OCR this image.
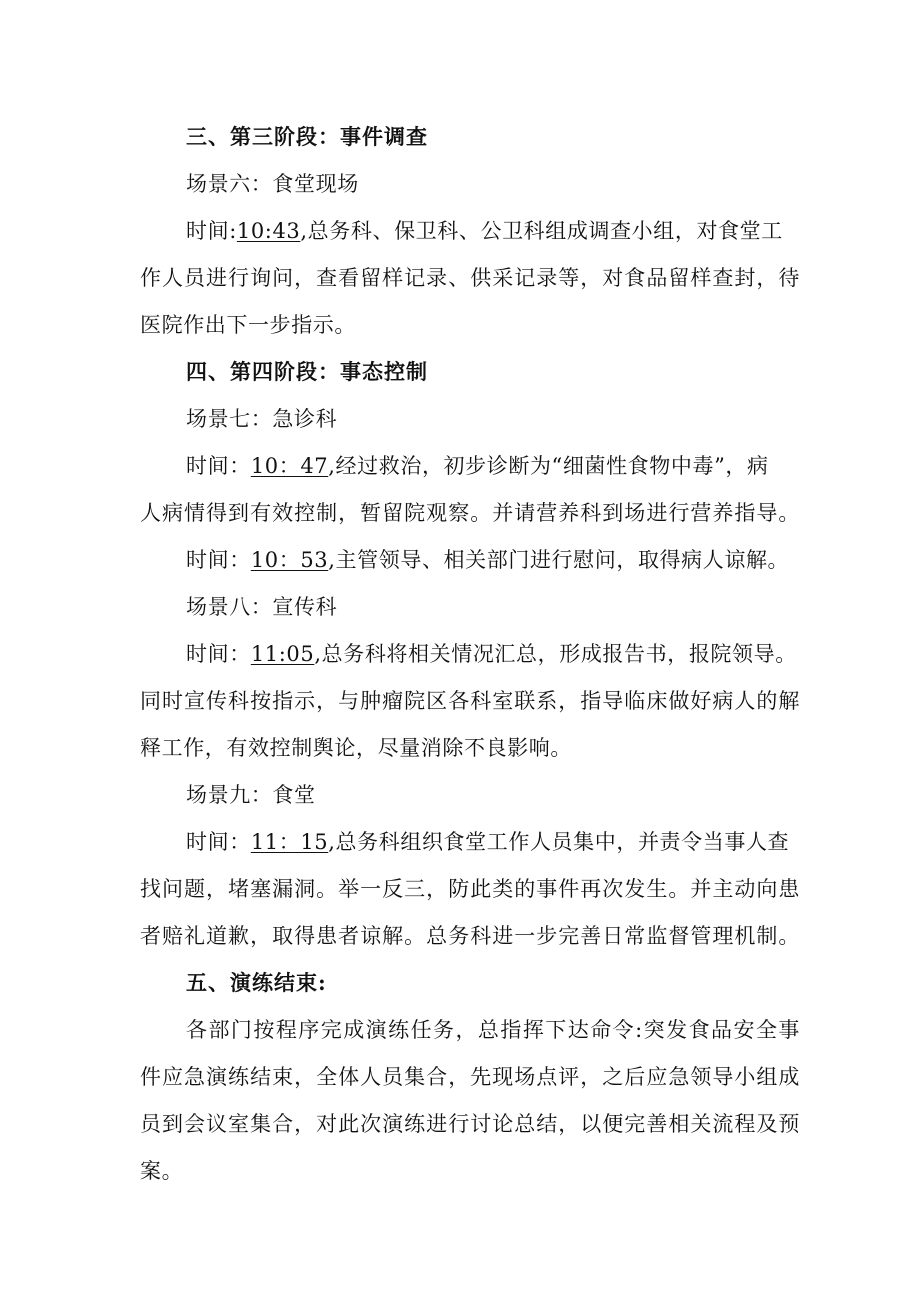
三、第三阶段：事件调查
场景六：食堂现场
时间:10:43,总务科、保卫科、公卫科组成调查小组，对食堂工
作人员进行询问，查看留样记录、供采记录等，对食品留样查封，待
医院作出下一步指示。
四、第四阶段：事态控制
场景七：急诊科
时间：10：47,经过救治，初步诊断为“细菌性食物中毒”，病
人病情得到有效控制，暂留院观察。并请营养科到场进行营养指导。
时间：10：53,主管领导、相关部门进行慰问，取得病人谅解。
场景八：宣传科
时间：11:05,总务科将相关情况汇总，形成报告书，报院领导。
同时宣传科按指示，与肿瘤院区各科室联系，指导临床做好病人的解
释工作，有效控制舆论，尽量消除不良影响。
场景九：食堂
时间：11：15,总务科组织食堂工作人员集中，并责令当事人查
找问题，堵塞漏洞。举一反三，防此类的事件再次发生。并主动向患
者赔礼道歉，取得患者谅解。总务科进一步完善日常监督管理机制。
五、演练结束:
各部门按程序完成演练任务，总指挥下达命令:突发食品安全事
件应急演练结束，全体人员集合，先现场点评，之后应急领导小组成
员到会议室集合，对此次演练进行讨论总结，以便完善相关流程及预
案。
